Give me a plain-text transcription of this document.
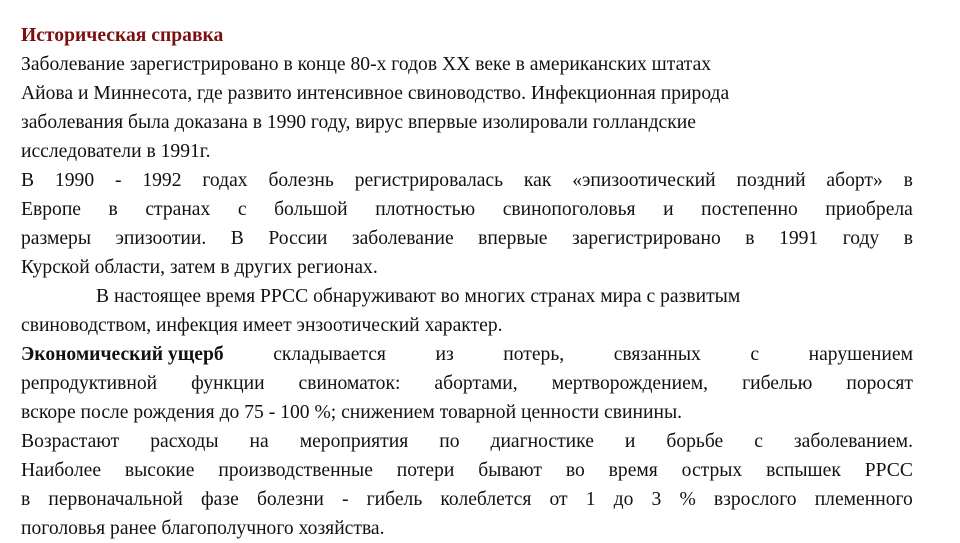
Историческая справка
Заболевание зарегистрировано в конце 80-х годов XX веке в американских штатах
Айова и Миннесота, где развито интенсивное свиноводство. Инфекционная природа
заболевания была доказана в 1990 году, вирус впервые изолировали голландские
исследователи в 1991г.
В 1990 - 1992 годах болезнь регистрировалась как «эпизоотический поздний аборт» в
Европе в странах с большой плотностью свинопоголовья и постепенно приобрела
размеры эпизоотии. В России заболевание впервые зарегистрировано в 1991 году в
Курской области, затем в других регионах.
В настоящее время РРСС обнаруживают во многих странах мира с развитым
свиноводством, инфекция имеет энзоотический характер.
Экономический ущерб	складывается	из	потерь,	связанных	с	нарушением
репродуктивной функции свиноматок: абортами, мертворождением, гибелью поросят
вскоре после рождения до 75 - 100 %; снижением товарной ценности свинины.
Возрастают расходы на мероприятия по диагностике и борьбе с заболеванием.
Наиболее высокие производственные потери бывают во время острых вспышек РРСС
в первоначальной фазе болезни - гибель колеблется от 1 до 3 % взрослого племенного
поголовья ранее благополучного хозяйства.
